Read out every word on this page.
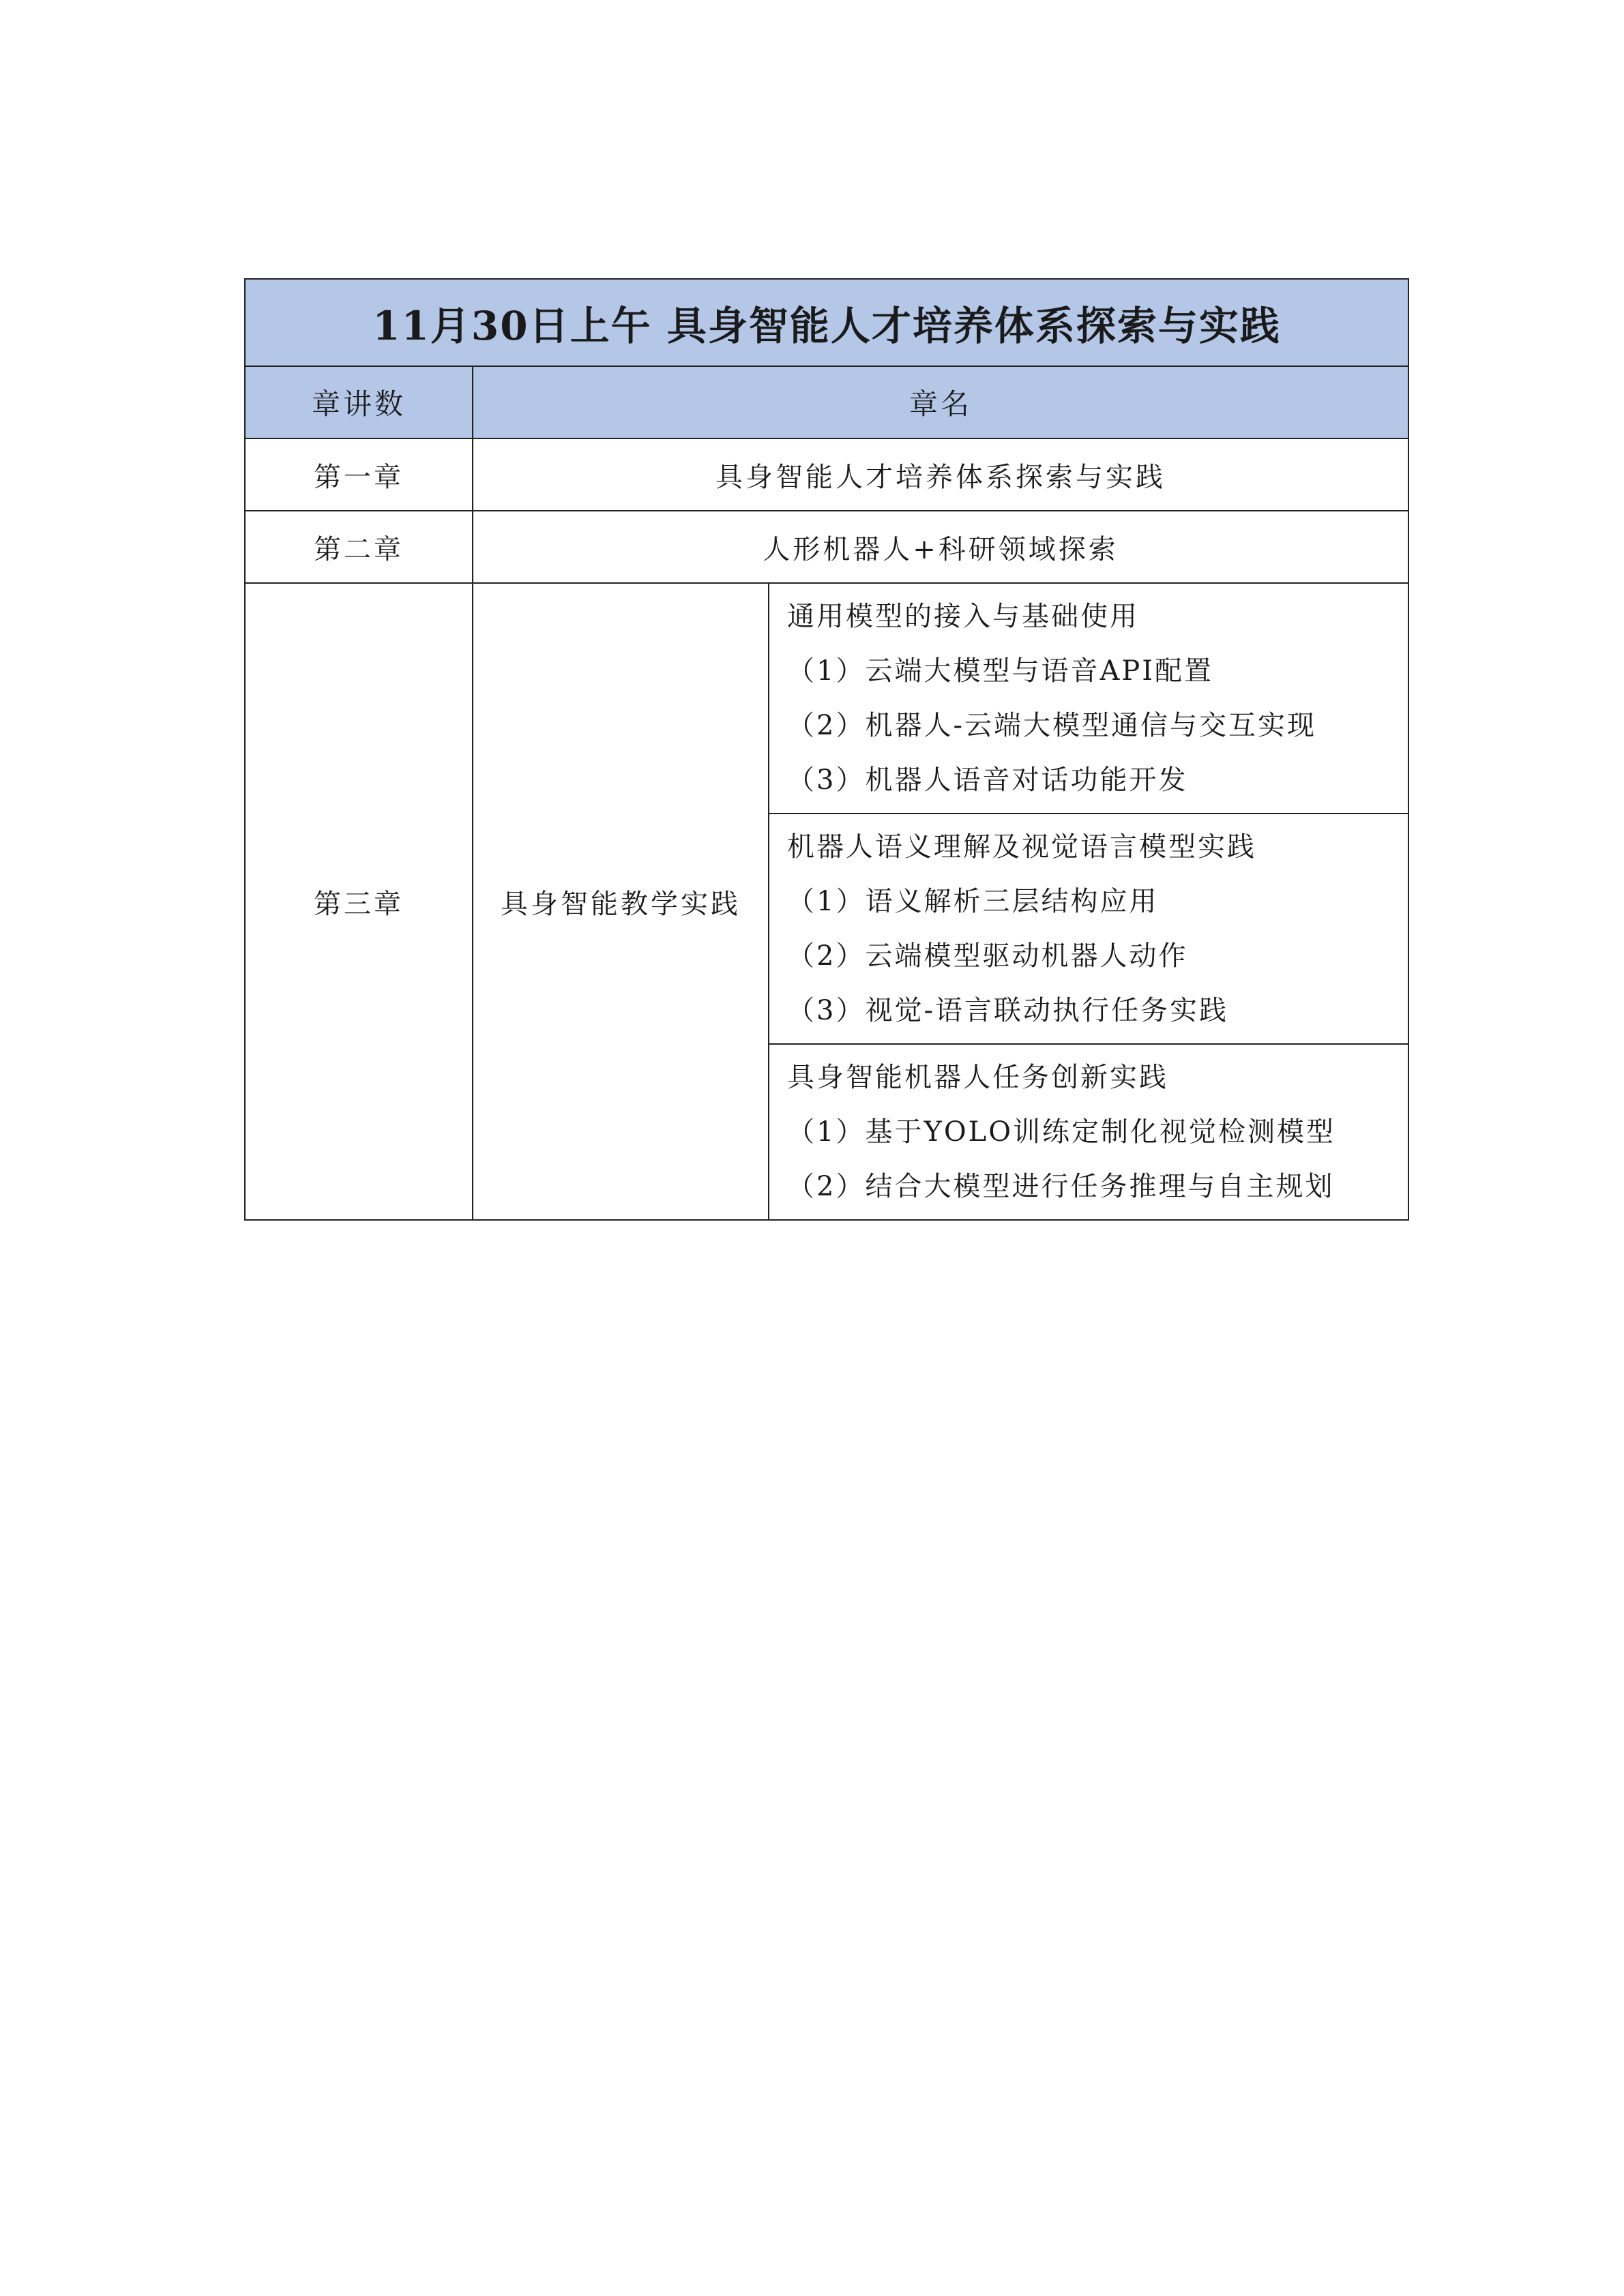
11月30日上午 具身智能人才培养体系探索与实践		
章讲数	章名	
第一章	具身智能人才培养体系探索与实践	
第二章	人形机器人+科研领域探索	
第三章	具身智能教学实践	通用模型的接入与基础使用
（1）云端大模型与语音API配置
（2）机器人-云端大模型通信与交互实现
（3）机器人语音对话功能开发

		机器人语义理解及视觉语言模型实践
（1）语义解析三层结构应用
（2）云端模型驱动机器人动作
（3）视觉-语言联动执行任务实践

		具身智能机器人任务创新实践
（1）基于YOLO训练定制化视觉检测模型
（2）结合大模型进行任务推理与自主规划
